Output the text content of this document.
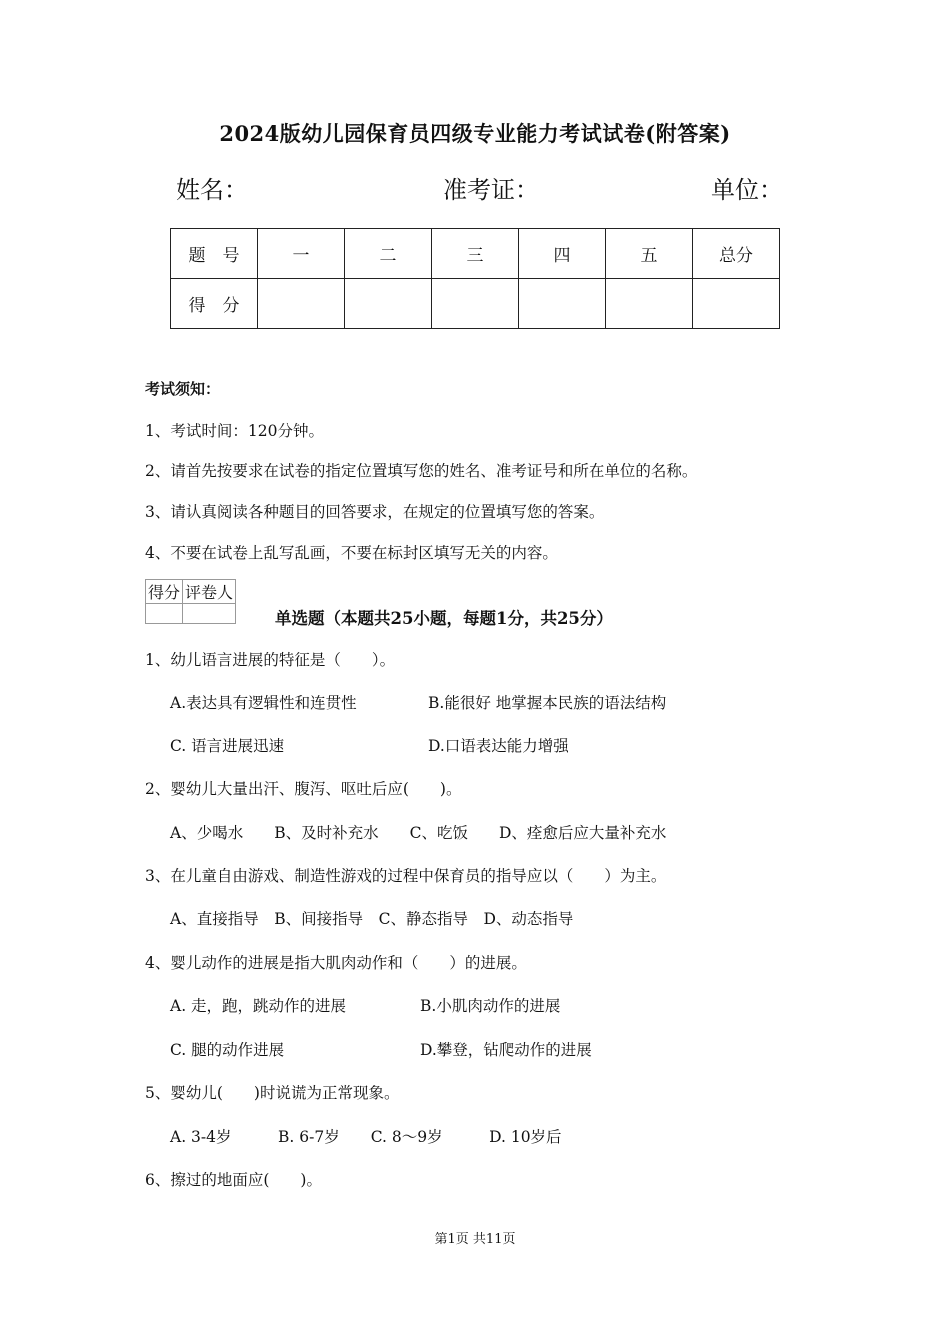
2024版幼儿园保育员四级专业能力考试试卷(附答案)
姓名：	准考证：	单位：
题　号	一	二	三	四	五	总分
得　分						
考试须知：
1、考试时间：120分钟。
2、请首先按要求在试卷的指定位置填写您的姓名、准考证号和所在单位的名称。
3、请认真阅读各种题目的回答要求，在规定的位置填写您的答案。
4、不要在试卷上乱写乱画，不要在标封区填写无关的内容。
得分	评卷人

单选题（本题共25小题，每题1分，共25分）
1、幼儿语言进展的特征是（　　）。
A.表达具有逻辑性和连贯性	B.能很好 地掌握本民族的语法结构
C. 语言进展迅速	D.口语表达能力增强
2、婴幼儿大量出汗、腹泻、呕吐后应(　　)。
A、少喝水　　B、及时补充水　　C、吃饭　　D、痊愈后应大量补充水
3、在儿童自由游戏、制造性游戏的过程中保育员的指导应以（　　）为主。
A、直接指导　B、间接指导　C、静态指导　D、动态指导
4、婴儿动作的进展是指大肌肉动作和（　　）的进展。
A. 走，跑，跳动作的进展	B.小肌肉动作的进展
C. 腿的动作进展	D.攀登，钻爬动作的进展
5、婴幼儿(　　)时说谎为正常现象。
A. 3-4岁　　　B. 6-7岁　　C. 8～9岁　　　D. 10岁后
6、擦过的地面应(　　)。
第1页 共11页
